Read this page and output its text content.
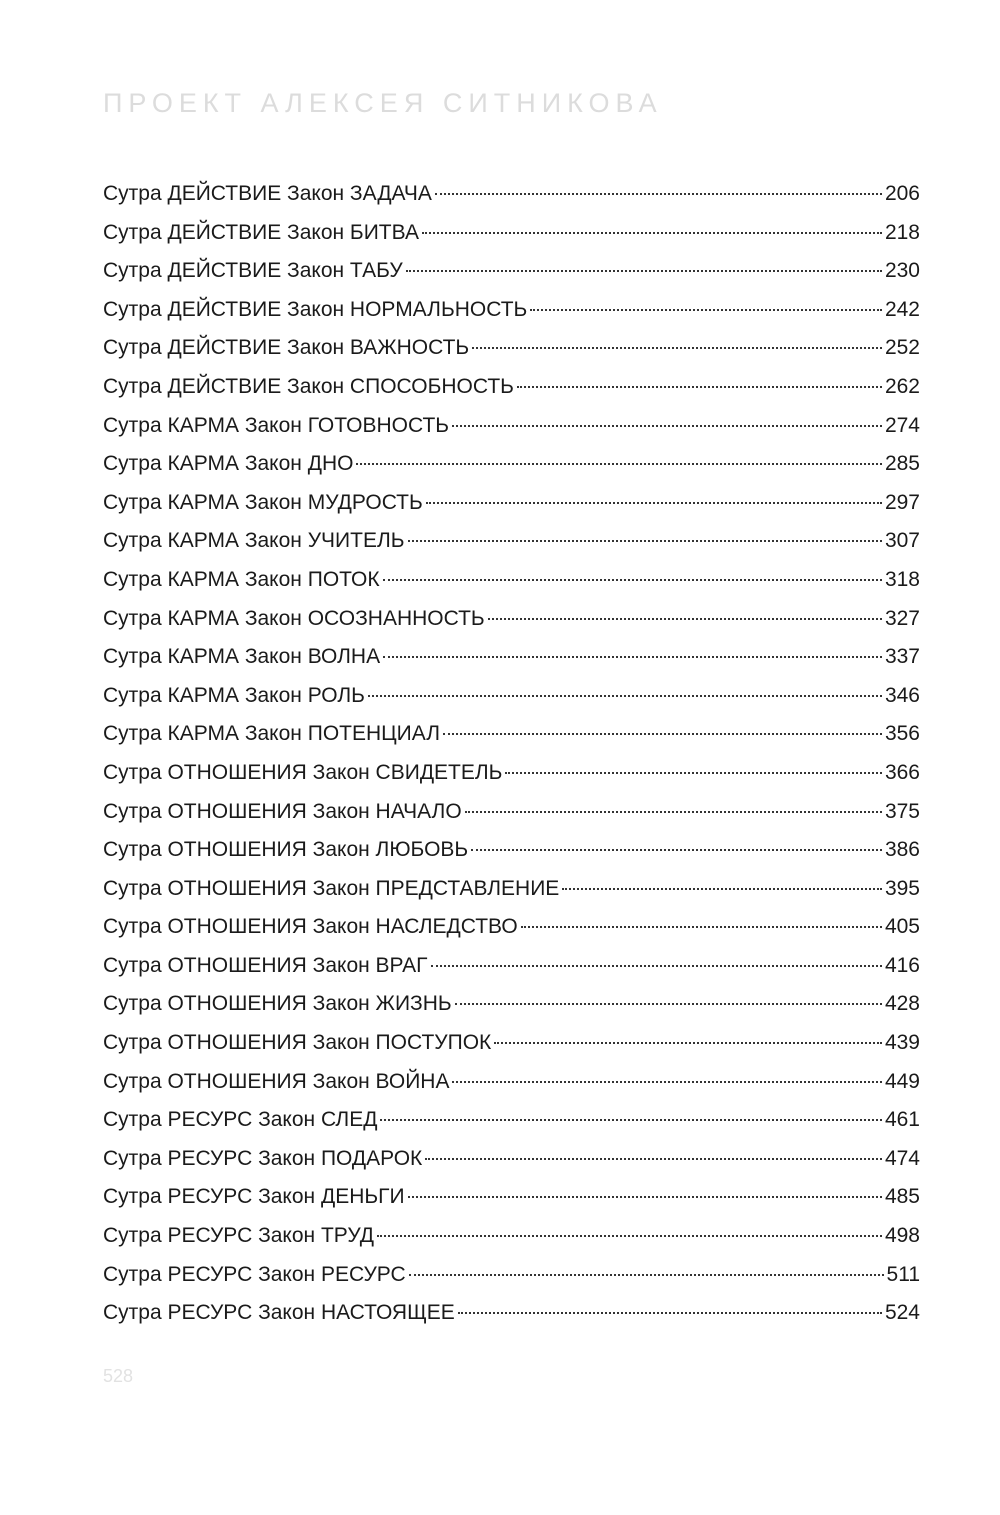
ПРОЕКТ АЛЕКСЕЯ СИТНИКОВА
Сутра ДЕЙСТВИЕ Закон ЗАДАЧА	206
Сутра ДЕЙСТВИЕ Закон БИТВА	218
Сутра ДЕЙСТВИЕ Закон ТАБУ	230
Сутра ДЕЙСТВИЕ Закон НОРМАЛЬНОСТЬ	242
Сутра ДЕЙСТВИЕ Закон ВАЖНОСТЬ	252
Сутра ДЕЙСТВИЕ Закон СПОСОБНОСТЬ	262
Сутра КАРМА Закон ГОТОВНОСТЬ	274
Сутра КАРМА Закон ДНО	285
Сутра КАРМА Закон МУДРОСТЬ	297
Сутра КАРМА Закон УЧИТЕЛЬ	307
Сутра КАРМА Закон ПОТОК	318
Сутра КАРМА Закон ОСОЗНАННОСТЬ	327
Сутра КАРМА Закон ВОЛНА	337
Сутра КАРМА Закон РОЛЬ	346
Сутра КАРМА Закон ПОТЕНЦИАЛ	356
Сутра ОТНОШЕНИЯ Закон СВИДЕТЕЛЬ	366
Сутра ОТНОШЕНИЯ Закон НАЧАЛО	375
Сутра ОТНОШЕНИЯ Закон ЛЮБОВЬ	386
Сутра ОТНОШЕНИЯ Закон ПРЕДСТАВЛЕНИЕ	395
Сутра ОТНОШЕНИЯ Закон НАСЛЕДСТВО	405
Сутра ОТНОШЕНИЯ Закон ВРАГ	416
Сутра ОТНОШЕНИЯ Закон ЖИЗНЬ	428
Сутра ОТНОШЕНИЯ Закон ПОСТУПОК	439
Сутра ОТНОШЕНИЯ Закон ВОЙНА	449
Сутра РЕСУРС Закон СЛЕД	461
Сутра РЕСУРС Закон ПОДАРОК	474
Сутра РЕСУРС Закон ДЕНЬГИ	485
Сутра РЕСУРС Закон ТРУД	498
Сутра РЕСУРС Закон РЕСУРС	511
Сутра РЕСУРС Закон НАСТОЯЩЕЕ	524
528
